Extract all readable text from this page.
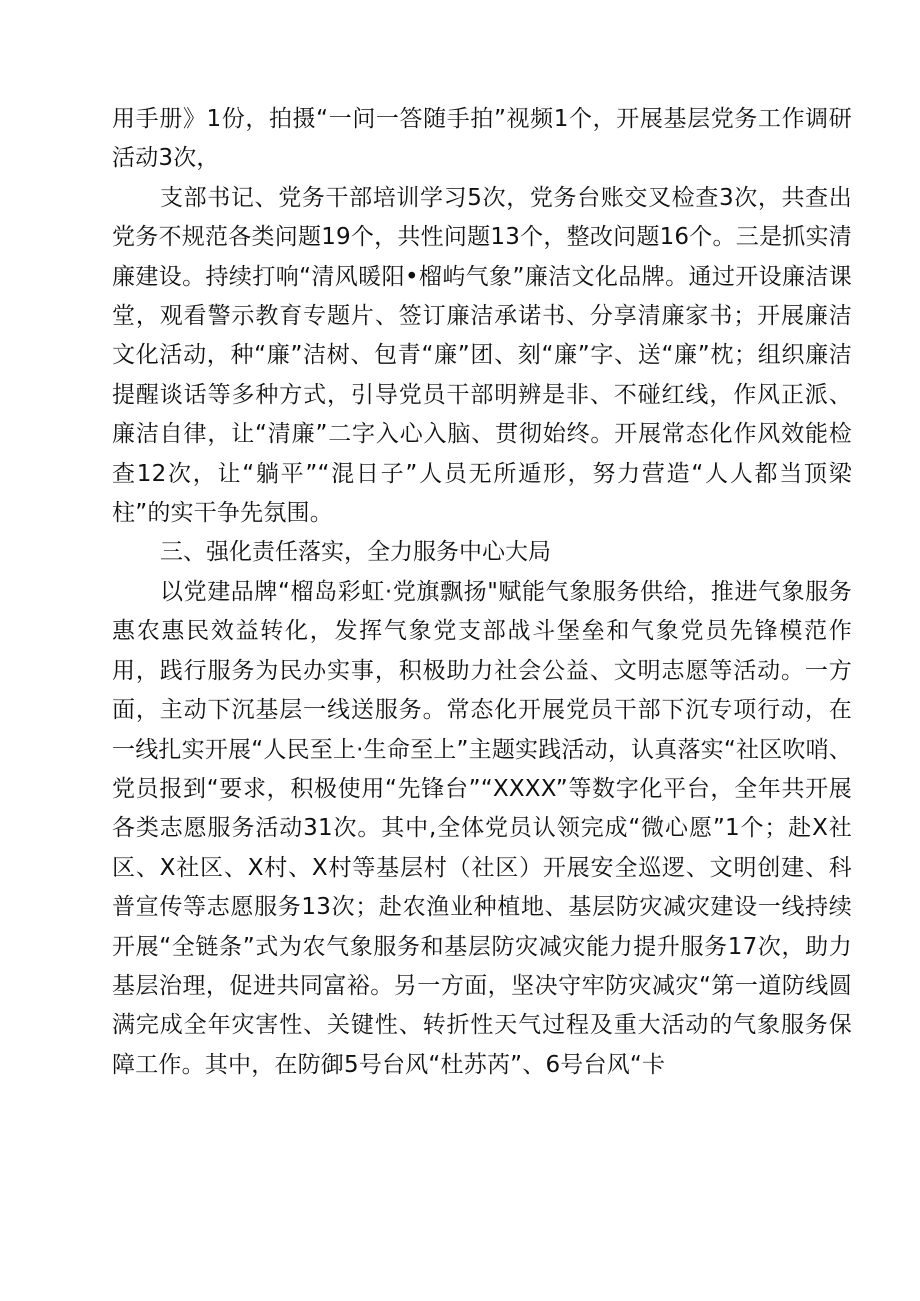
用手册》1份，拍摄“一问一答随手拍”视频1个，开展基层党务工作调研活动3次，

支部书记、党务干部培训学习5次，党务台账交叉检查3次，共查出党务不规范各类问题19个，共性问题13个，整改问题16个。三是抓实清廉建设。持续打响“清风暖阳•榴屿气象”廉洁文化品牌。通过开设廉洁课堂，观看警示教育专题片、签订廉洁承诺书、分享清廉家书；开展廉洁文化活动，种“廉”洁树、包青“廉”团、刻“廉”字、送“廉”枕；组织廉洁提醒谈话等多种方式，引导党员干部明辨是非、不碰红线，作风正派、廉洁自律，让“清廉”二字入心入脑、贯彻始终。开展常态化作风效能检查12次，让“躺平”“混日子”人员无所遁形，努力营造“人人都当顶梁柱”的实干争先氛围。

三、强化责任落实，全力服务中心大局

以党建品牌“榴岛彩虹·党旗飘扬"赋能气象服务供给，推进气象服务惠农惠民效益转化，发挥气象党支部战斗堡垒和气象党员先锋模范作用，践行服务为民办实事，积极助力社会公益、文明志愿等活动。一方面，主动下沉基层一线送服务。常态化开展党员干部下沉专项行动，在一线扎实开展“人民至上·生命至上”主题实践活动，认真落实“社区吹哨、党员报到“要求，积极使用“先锋台”“XXXX”等数字化平台，全年共开展各类志愿服务活动31次。其中,全体党员认领完成“微心愿”1个；赴X社区、X社区、X村、X村等基层村（社区）开展安全巡逻、文明创建、科普宣传等志愿服务13次；赴农渔业种植地、基层防灾减灾建设一线持续开展“全链条”式为农气象服务和基层防灾减灾能力提升服务17次，助力基层治理，促进共同富裕。另一方面，坚决守牢防灾减灾“第一道防线圆满完成全年灾害性、关键性、转折性天气过程及重大活动的气象服务保障工作。其中，在防御5号台风“杜苏芮”、6号台风“卡
